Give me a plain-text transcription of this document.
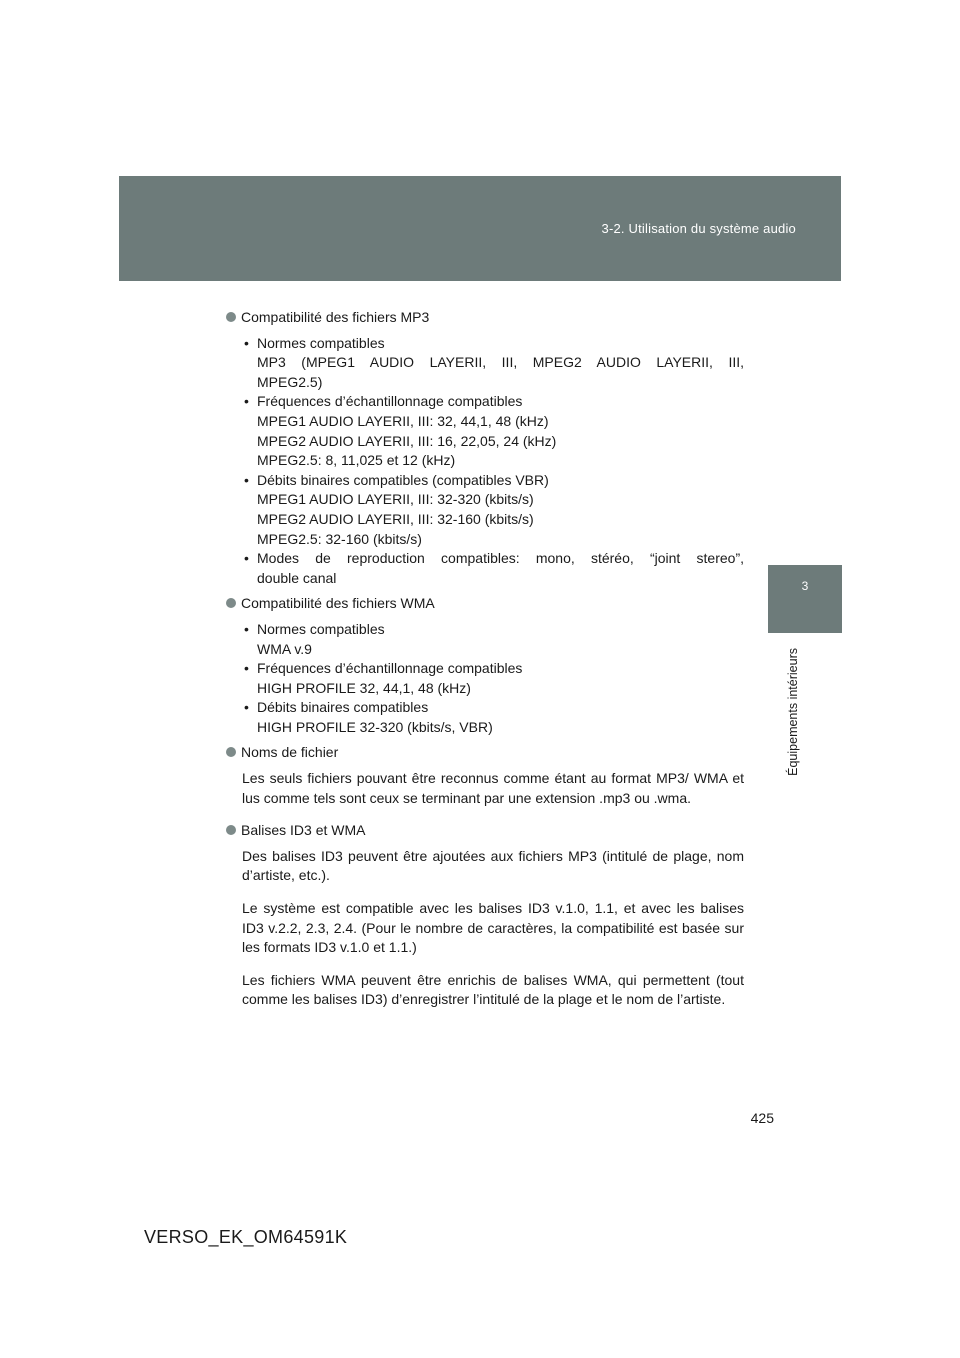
3-2. Utilisation du système audio
3
Équipements intérieurs
Compatibilité des fichiers MP3
• Normes compatibles
MP3 (MPEG1 AUDIO LAYERII, III, MPEG2 AUDIO LAYERII, III,
MPEG2.5)
• Fréquences d’échantillonnage compatibles
MPEG1 AUDIO LAYERII, III: 32, 44,1, 48 (kHz)
MPEG2 AUDIO LAYERII, III: 16, 22,05, 24 (kHz)
MPEG2.5: 8, 11,025 et 12 (kHz)
• Débits binaires compatibles (compatibles VBR)
MPEG1 AUDIO LAYERII, III: 32-320 (kbits/s)
MPEG2 AUDIO LAYERII, III: 32-160 (kbits/s)
MPEG2.5: 32-160 (kbits/s)
• Modes de reproduction compatibles: mono, stéréo, “joint stereo”,
double canal
Compatibilité des fichiers WMA
• Normes compatibles
WMA v.9
• Fréquences d’échantillonnage compatibles
HIGH PROFILE 32, 44,1, 48 (kHz)
• Débits binaires compatibles
HIGH PROFILE 32-320 (kbits/s, VBR)
Noms de fichier

Les seuls fichiers pouvant être reconnus comme étant au format MP3/ WMA et lus comme tels sont ceux se terminant par une extension .mp3 ou .wma.

Balises ID3 et WMA

Des balises ID3 peuvent être ajoutées aux fichiers MP3 (intitulé de plage, nom d’artiste, etc.).

Le système est compatible avec les balises ID3 v.1.0, 1.1, et avec les balises ID3 v.2.2, 2.3, 2.4. (Pour le nombre de caractères, la compatibilité est basée sur les formats ID3 v.1.0 et 1.1.)

Les fichiers WMA peuvent être enrichis de balises WMA, qui permettent (tout comme les balises ID3) d’enregistrer l’intitulé de la plage et le nom de l’artiste.

425
VERSO_EK_OM64591K
